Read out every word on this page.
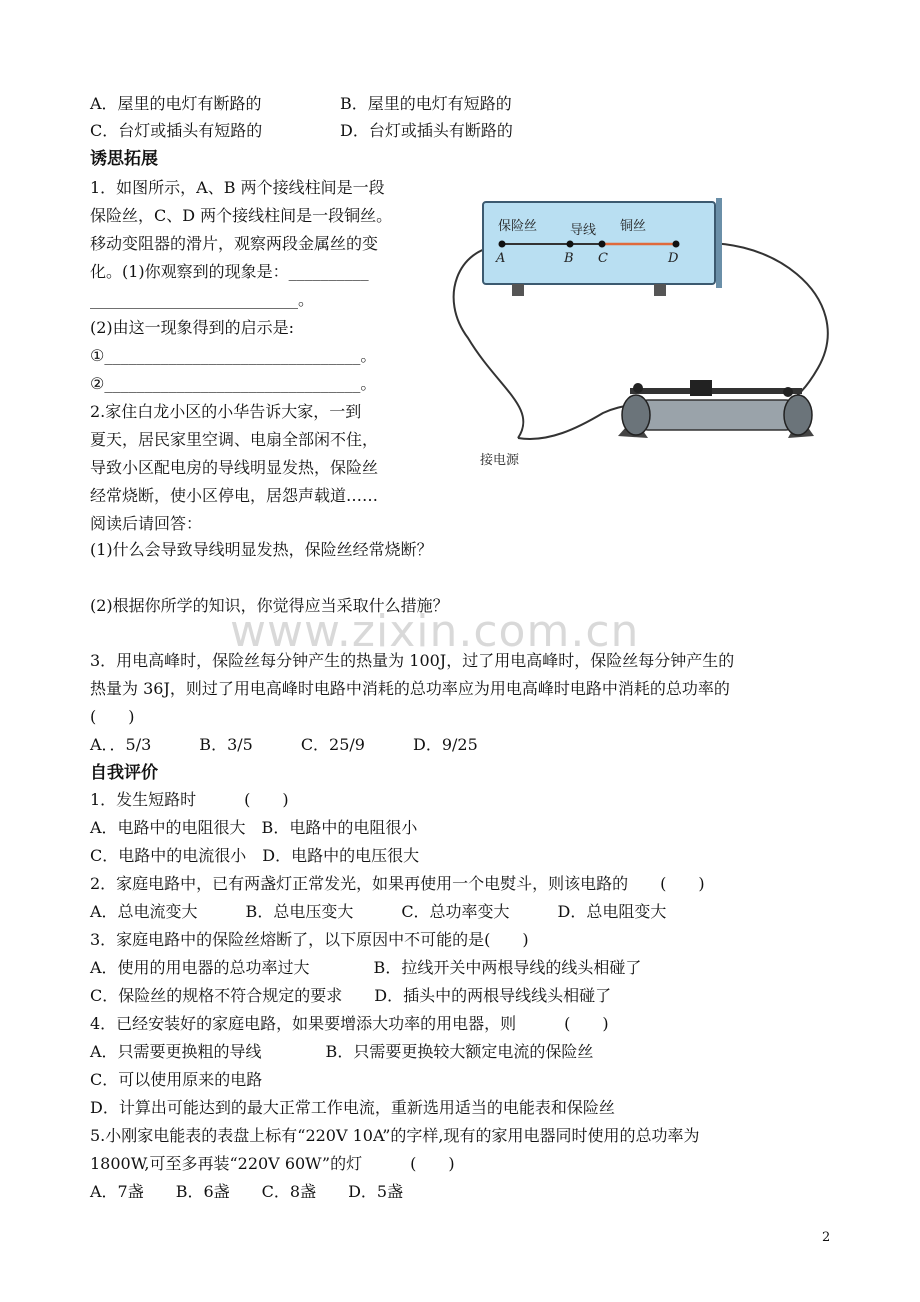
www.zixin.com.cn
A．屋里的电灯有断路的	B．屋里的电灯有短路的
C．台灯或插头有短路的	D．台灯或插头有断路的
诱思拓展
1．如图所示，A、B 两个接线柱间是一段
保险丝，C、D 两个接线柱间是一段铜丝。
移动变阻器的滑片，观察两段金属丝的变
化。(1)你观察到的现象是：__________
__________________________。
(2)由这一现象得到的启示是:
①________________________________。
②________________________________。
2.家住白龙小区的小华告诉大家，一到
夏天，居民家里空调、电扇全部闲不住，
导致小区配电房的导线明显发热，保险丝
经常烧断，使小区停电，居怨声载道……
阅读后请回答：
(1)什么会导致导线明显发热，保险丝经常烧断？
(2)根据你所学的知识，你觉得应当采取什么措施？
3．用电高峰时，保险丝每分钟产生的热量为 100J，过了用电高峰时，保险丝每分钟产生的
热量为 36J，则过了用电高峰时电路中消耗的总功率应为用电高峰时电路中消耗的总功率的
(　　)
A．．5/3　　　B．3/5　　　C．25/9　　　D．9/25
自我评价
1．发生短路时　　　(　　)
A．电路中的电阻很大　B．电路中的电阻很小
C．电路中的电流很小　D．电路中的电压很大
2．家庭电路中，已有两盏灯正常发光，如果再使用一个电熨斗，则该电路的　　(　　)
A．总电流变大　　　B．总电压变大　　　C．总功率变大　　　D．总电阻变大
3．家庭电路中的保险丝熔断了，以下原因中不可能的是(　　)
A．使用的用电器的总功率过大　　　　B．拉线开关中两根导线的线头相碰了
C．保险丝的规格不符合规定的要求　　D．插头中的两根导线线头相碰了
4．已经安装好的家庭电路，如果要增添大功率的用电器，则　　　(　　)
A．只需要更换粗的导线　　　　B．只需要更换较大额定电流的保险丝
C．可以使用原来的电路
D．计算出可能达到的最大正常工作电流，重新选用适当的电能表和保险丝
5.小刚家电能表的表盘上标有“220V 10A”的字样,现有的家用电器同时使用的总功率为
1800W,可至多再装“220V 60W”的灯　　　(　　)
A．7盏　　B．6盏　　C．8盏　　D．5盏
2
保险丝	导线 铜丝
A	B C	D
接电源
